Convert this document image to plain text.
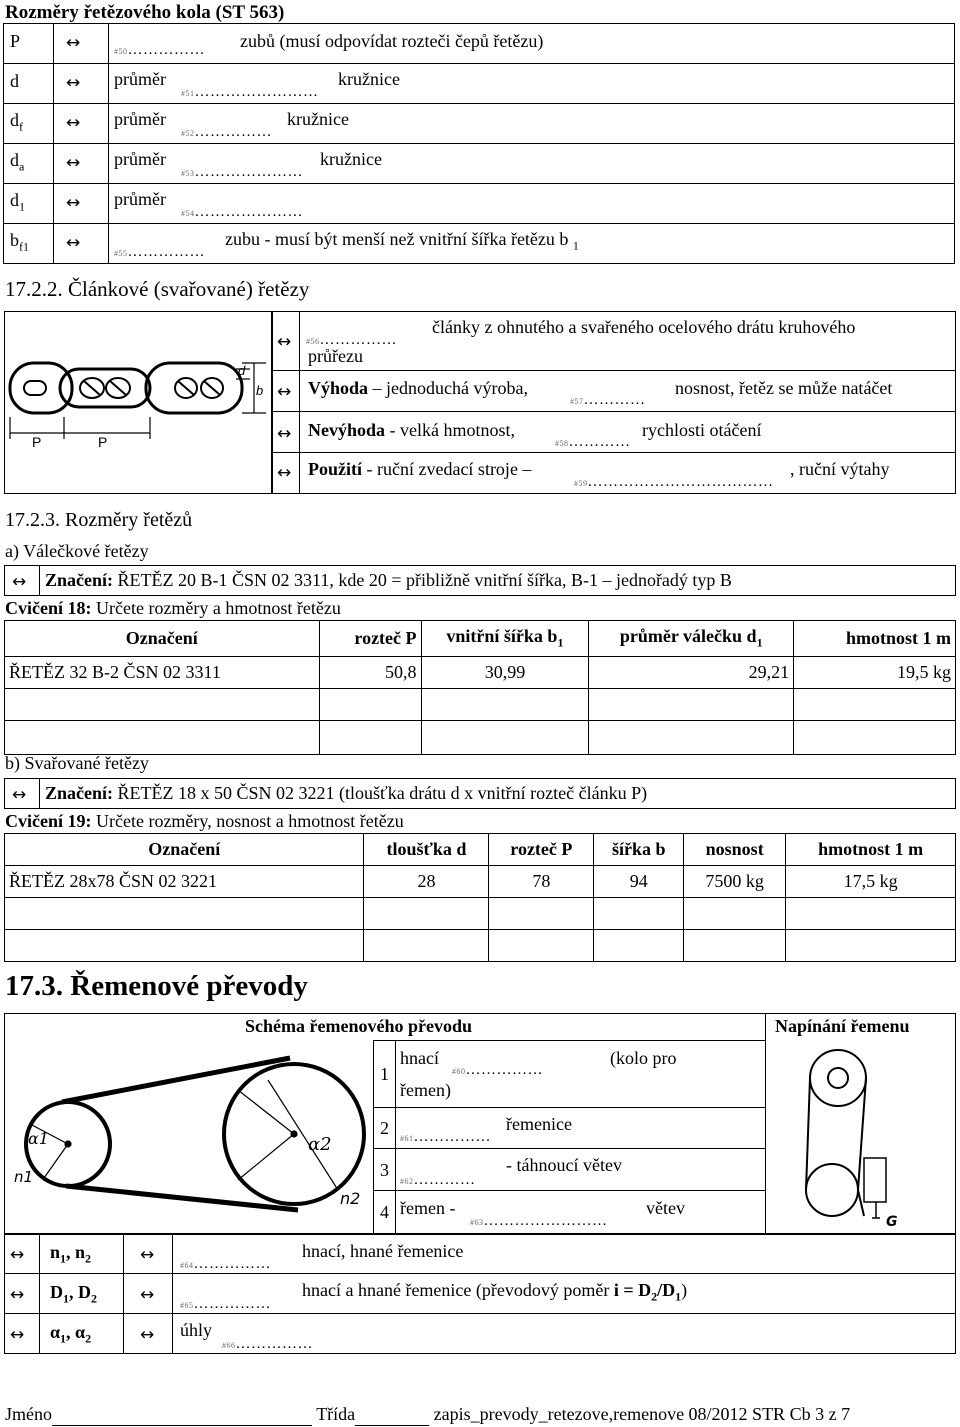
Rozměry řetězového kola (ST 563)
P	↔	#50…………… zubů (musí odpovídat rozteči čepů řetězu)
d	↔ průměr
#51……………………
kružnice
$d_f$	↔ průměr
#52……………
kružnice
$d_a$ ↔ průměr
#53…………………
kružnice
$d_1$ ↔ průměr
#54…………………
$b_{f1}$ ↔
#55……………
zubu - musí být menší než vnitřní šířka řetězu b $_1$
17.2.2. Článkové (svařované) řetězy
P	P
d
b
↔ #56……………
články z ohnutého a svařeného ocelového drátu kruhového
průřezu
↔ Výhoda – jednoduchá výroba,
#57…………
nosnost, řetěz se může natáčet
↔ Nevýhoda - velká hmotnost,
#58…………
rychlosti otáčení
↔ Použití - ruční zvedací stroje –
#59………………………………
, ruční výtahy
17.2.3. Rozměry řetězů
a) Válečkové řetězy
↔ Značení: ŘETĚZ 20 B-1 ČSN 02 3311, kde 20 = přibližně vnitřní šířka, B-1 – jednořadý typ B
Cvičení 18: Určete rozměry a hmotnost řetězu
Označení	rozteč P	vnitřní šířka $b_1$	průměr válečku $d_1$	hmotnost 1 m
ŘETĚZ 32 B-2 ČSN 02 3311	50,8	30,99	29,21	19,5 kg

b) Svařované řetězy
↔ Značení: ŘETĚZ 18 x 50 ČSN 02 3221 (tloušťka drátu d x vnitřní rozteč článku P)
Cvičení 19: Určete rozměry, nosnost a hmotnost řetězu
Označení	tloušťka d	rozteč P	šířka b	nosnost	hmotnost 1 m
ŘETĚZ 28x78 ČSN 02 3221	28	78	94	7500 kg	17,5 kg

17.3. Řemenové převody
Schéma řemenového převodu	Napínání řemenu
α1	α2
n1
n2
G
1
hnací
#60……………
(kolo pro
řemen)
2
#61……………
řemenice
3
#62…………
- táhnoucí větev
4 řemen -
#63……………………
větev
↔ $n_1$, $n_2$	↔
#64……………
hnací, hnané řemenice
↔ $D_1$, $D_2$	↔
#65……………
hnací a hnané řemenice (převodový poměr $i = D_2/D_1$)
↔ $\alpha_1$, $\alpha_2$	↔ úhly
#66……………
Jméno	Třída	zapis_prevody_retezove,remenove 08/2012 STR Cb 3 z 7
